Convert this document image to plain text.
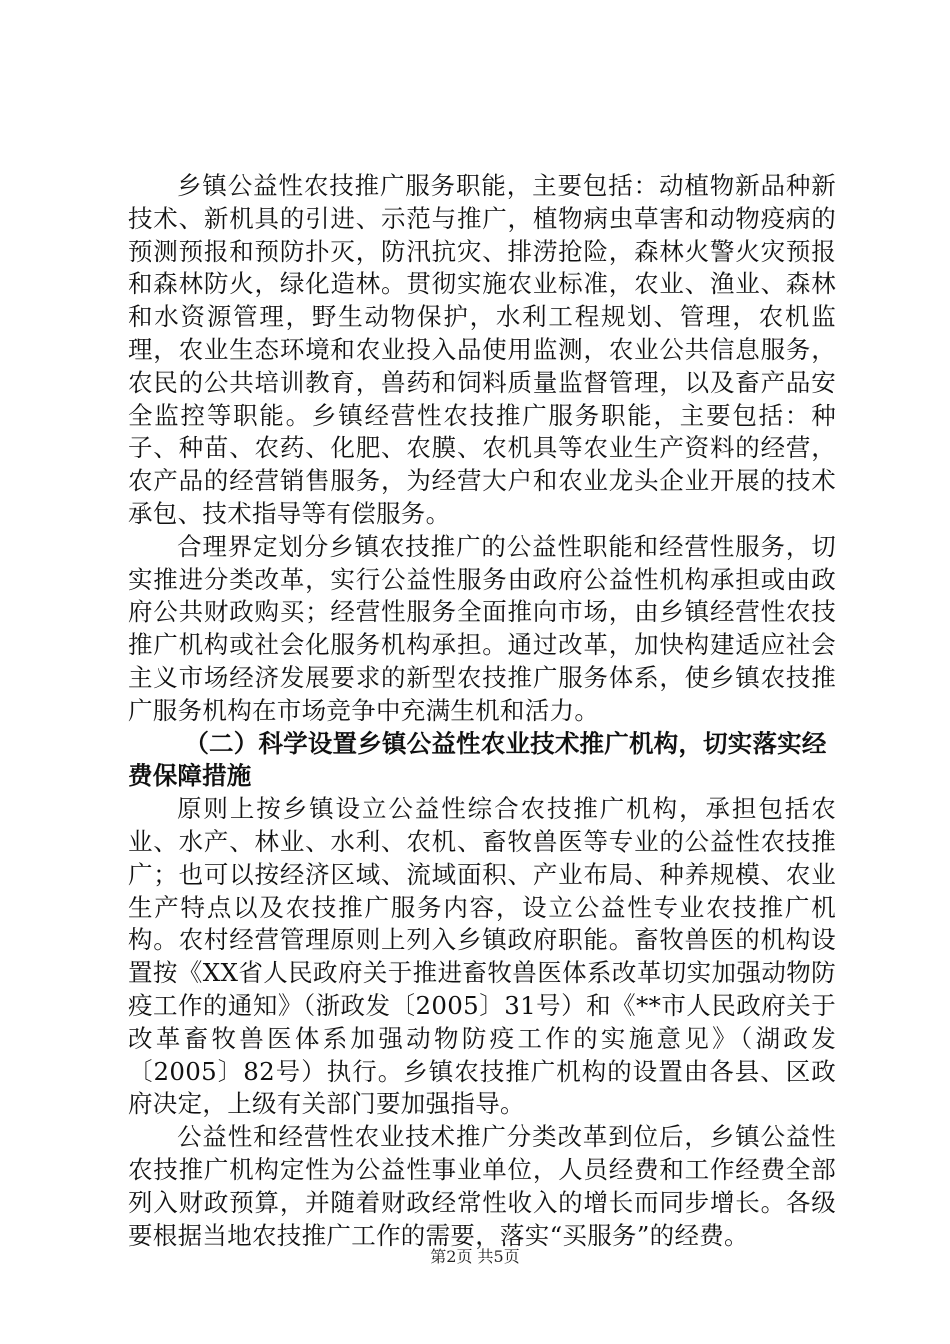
乡镇公益性农技推广服务职能，主要包括：动植物新品种新技术、新机具的引进、示范与推广，植物病虫草害和动物疫病的预测预报和预防扑灭，防汛抗灾、排涝抢险，森林火警火灾预报和森林防火，绿化造林。贯彻实施农业标准，农业、渔业、森林和水资源管理，野生动物保护，水利工程规划、管理，农机监理，农业生态环境和农业投入品使用监测，农业公共信息服务，农民的公共培训教育，兽药和饲料质量监督管理，以及畜产品安全监控等职能。乡镇经营性农技推广服务职能，主要包括：种子、种苗、农药、化肥、农膜、农机具等农业生产资料的经营，农产品的经营销售服务，为经营大户和农业龙头企业开展的技术承包、技术指导等有偿服务。

合理界定划分乡镇农技推广的公益性职能和经营性服务，切实推进分类改革，实行公益性服务由政府公益性机构承担或由政府公共财政购买；经营性服务全面推向市场，由乡镇经营性农技推广机构或社会化服务机构承担。通过改革，加快构建适应社会主义市场经济发展要求的新型农技推广服务体系，使乡镇农技推广服务机构在市场竞争中充满生机和活力。

（二）科学设置乡镇公益性农业技术推广机构，切实落实经费保障措施

原则上按乡镇设立公益性综合农技推广机构，承担包括农业、水产、林业、水利、农机、畜牧兽医等专业的公益性农技推广；也可以按经济区域、流域面积、产业布局、种养规模、农业生产特点以及农技推广服务内容，设立公益性专业农技推广机构。农村经营管理原则上列入乡镇政府职能。畜牧兽医的机构设置按《XX省人民政府关于推进畜牧兽医体系改革切实加强动物防疫工作的通知》（浙政发〔2005〕31号）和《**市人民政府关于改革畜牧兽医体系加强动物防疫工作的实施意见》（湖政发〔2005〕82号）执行。乡镇农技推广机构的设置由各县、区政府决定，上级有关部门要加强指导。

公益性和经营性农业技术推广分类改革到位后，乡镇公益性农技推广机构定性为公益性事业单位，人员经费和工作经费全部列入财政预算，并随着财政经常性收入的增长而同步增长。各级要根据当地农技推广工作的需要，落实“买服务”的经费。

第2页 共5页
